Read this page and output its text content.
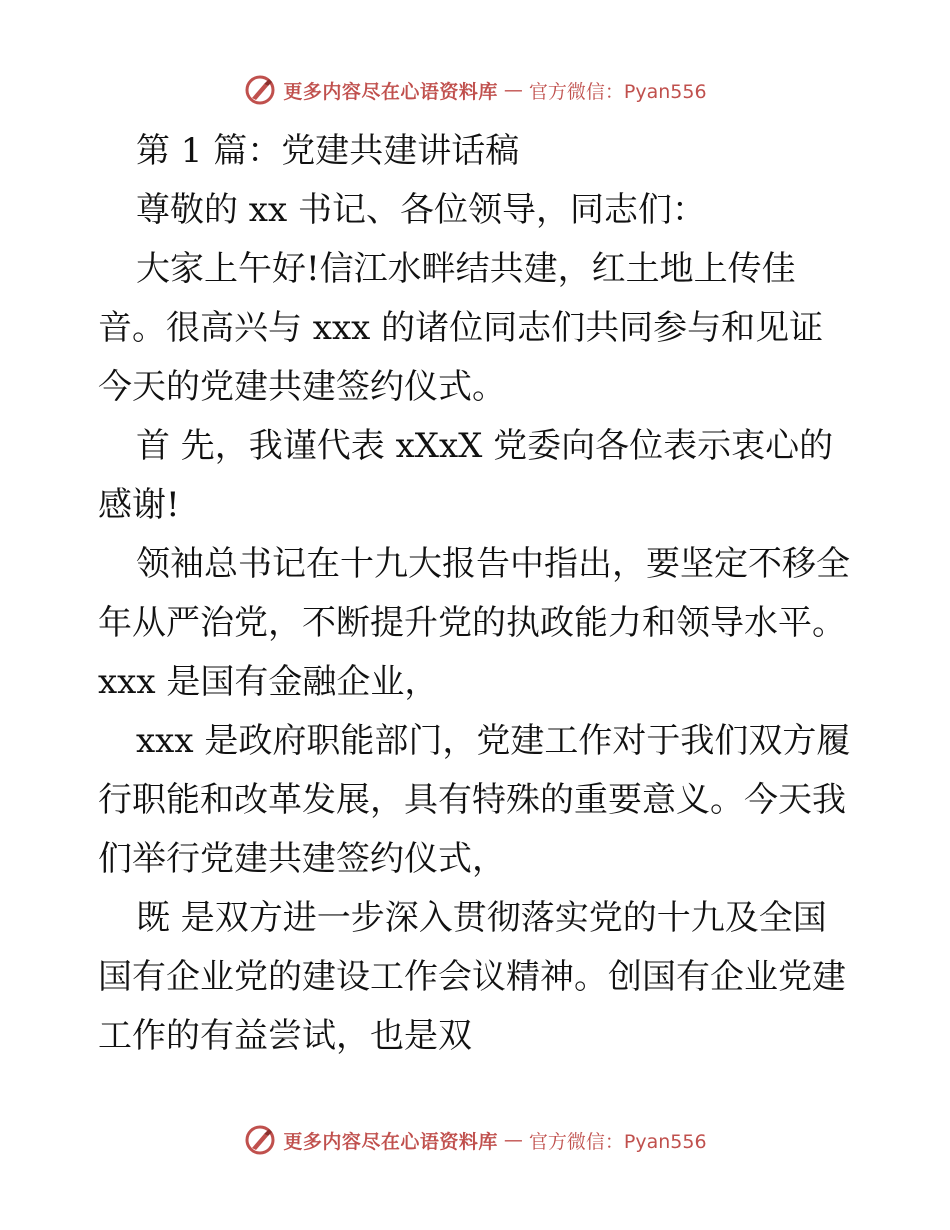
更多内容尽在心语资料库 — 官方微信：Pyan556
第 1 篇：党建共建讲话稿
尊敬的 xx 书记、各位领导，同志们：
大家上午好!信江水畔结共建，红土地上传佳
音。很高兴与 xxx 的诸位同志们共同参与和见证
今天的党建共建签约仪式。
首 先，我谨代表 xXxX 党委向各位表示衷心的
感谢!
领袖总书记在十九大报告中指出，要坚定不移全
年从严治党，不断提升党的执政能力和领导水平。
xxx 是国有金融企业，
xxx 是政府职能部门，党建工作对于我们双方履
行职能和改革发展，具有特殊的重要意义。今天我
们举行党建共建签约仪式，
既 是双方进一步深入贯彻落实党的十九及全国
国有企业党的建设工作会议精神。创国有企业党建
工作的有益尝试，也是双
更多内容尽在心语资料库 — 官方微信：Pyan556
